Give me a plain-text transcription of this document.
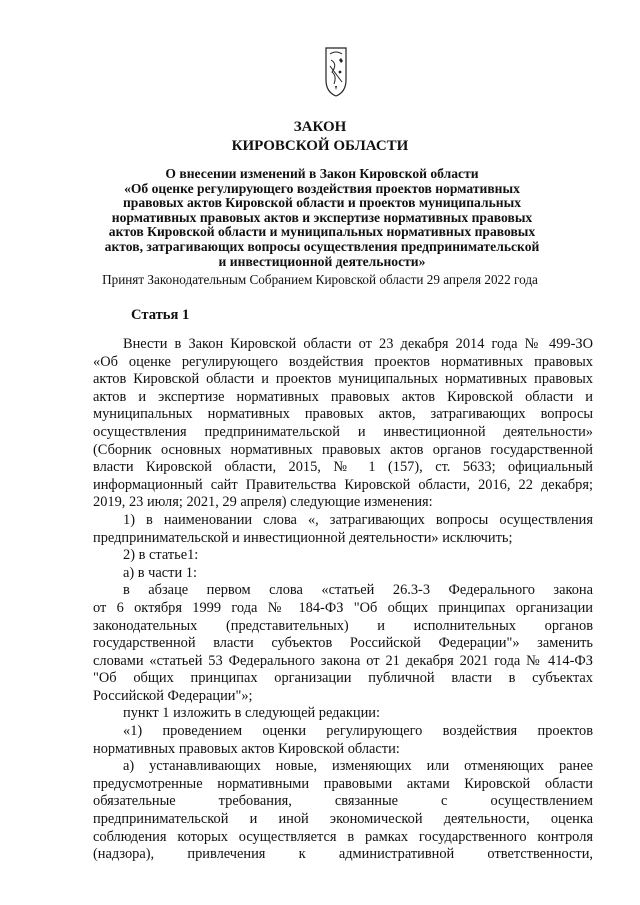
ЗАКОН
КИРОВСКОЙ ОБЛАСТИ
О внесении изменений в Закон Кировской области
«Об оценке регулирующего воздействия проектов нормативных
правовых актов Кировской области и проектов муниципальных
нормативных правовых актов и экспертизе нормативных правовых
актов Кировской области и муниципальных нормативных правовых
актов, затрагивающих вопросы осуществления предпринимательской
и инвестиционной деятельности»
Принят Законодательным Собранием Кировской области 29 апреля 2022 года
Статья 1
Внести в Закон Кировской области от 23 декабря 2014 года № 499-ЗО
«Об оценке регулирующего воздействия проектов нормативных правовых
актов Кировской области и проектов муниципальных нормативных правовых
актов и экспертизе нормативных правовых актов Кировской области и
муниципальных нормативных правовых актов, затрагивающих вопросы
осуществления предпринимательской и инвестиционной деятельности»
(Сборник основных нормативных правовых актов органов государственной
власти Кировской области, 2015, № 1 (157), ст. 5633; официальный
информационный сайт Правительства Кировской области, 2016, 22 декабря;
2019, 23 июля; 2021, 29 апреля) следующие изменения:
1) в наименовании слова «, затрагивающих вопросы осуществления
предпринимательской и инвестиционной деятельности» исключить;
2) в статье1:
а) в части 1:
в абзаце первом слова «статьей 26.3-3 Федерального закона
от 6 октября 1999 года № 184-ФЗ "Об общих принципах организации
законодательных (представительных) и исполнительных органов
государственной власти субъектов Российской Федерации"» заменить
словами «статьей 53 Федерального закона от 21 декабря 2021 года № 414-ФЗ
"Об общих принципах организации публичной власти в субъектах
Российской Федерации"»;
пункт 1 изложить в следующей редакции:
«1) проведением оценки регулирующего воздействия проектов
нормативных правовых актов Кировской области:
а) устанавливающих новые, изменяющих или отменяющих ранее
предусмотренные нормативными правовыми актами Кировской области
обязательные требования, связанные с осуществлением
предпринимательской и иной экономической деятельности, оценка
соблюдения которых осуществляется в рамках государственного контроля
(надзора), привлечения к административной ответственности,
